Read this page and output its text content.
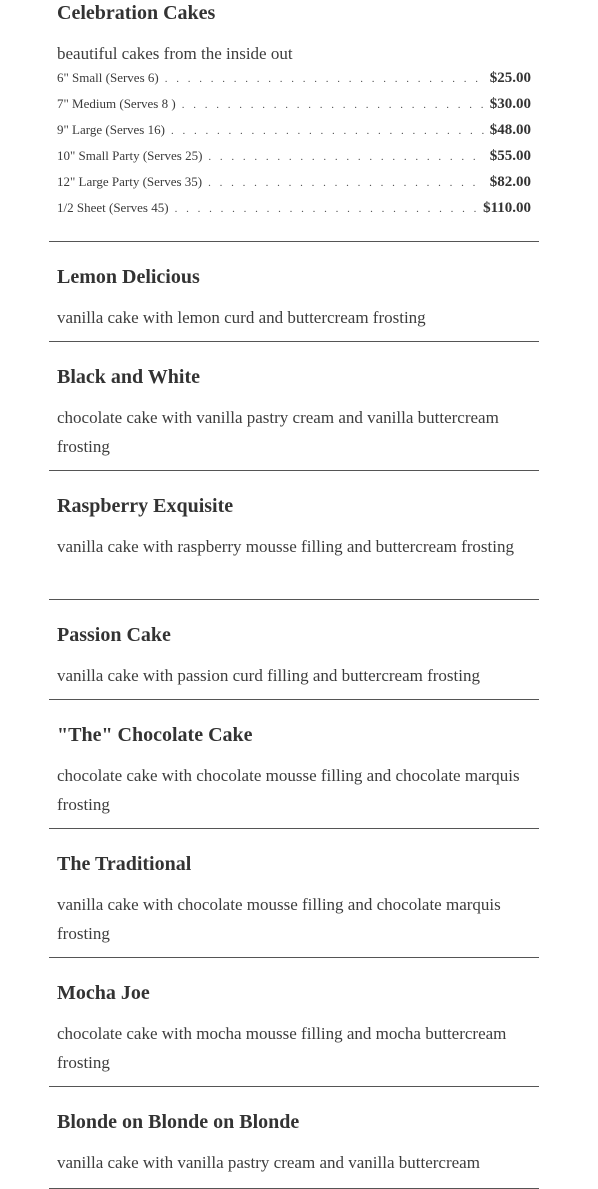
Celebration Cakes

beautiful cakes from the inside out

6" Small (Serves 6) . . .	$25.00
7" Medium (Serves 8 ) . . .	$30.00
9" Large (Serves 16) . . .	$48.00
10" Small Party (Serves 25) . . .	$55.00
12" Large Party (Serves 35) . . .	$82.00
1/2 Sheet (Serves 45) . . .	$110.00
Lemon Delicious

vanilla cake with lemon curd and buttercream frosting

Black and White

chocolate cake with vanilla pastry cream and vanilla buttercream frosting

Raspberry Exquisite

vanilla cake with raspberry mousse filling and buttercream frosting

Passion Cake

vanilla cake with passion curd filling and buttercream frosting

"The" Chocolate Cake

chocolate cake with chocolate mousse filling and chocolate marquis frosting

The Traditional

vanilla cake with chocolate mousse filling and chocolate marquis frosting

Mocha Joe

chocolate cake with mocha mousse filling and mocha buttercream frosting

Blonde on Blonde on Blonde

vanilla cake with vanilla pastry cream and vanilla buttercream
